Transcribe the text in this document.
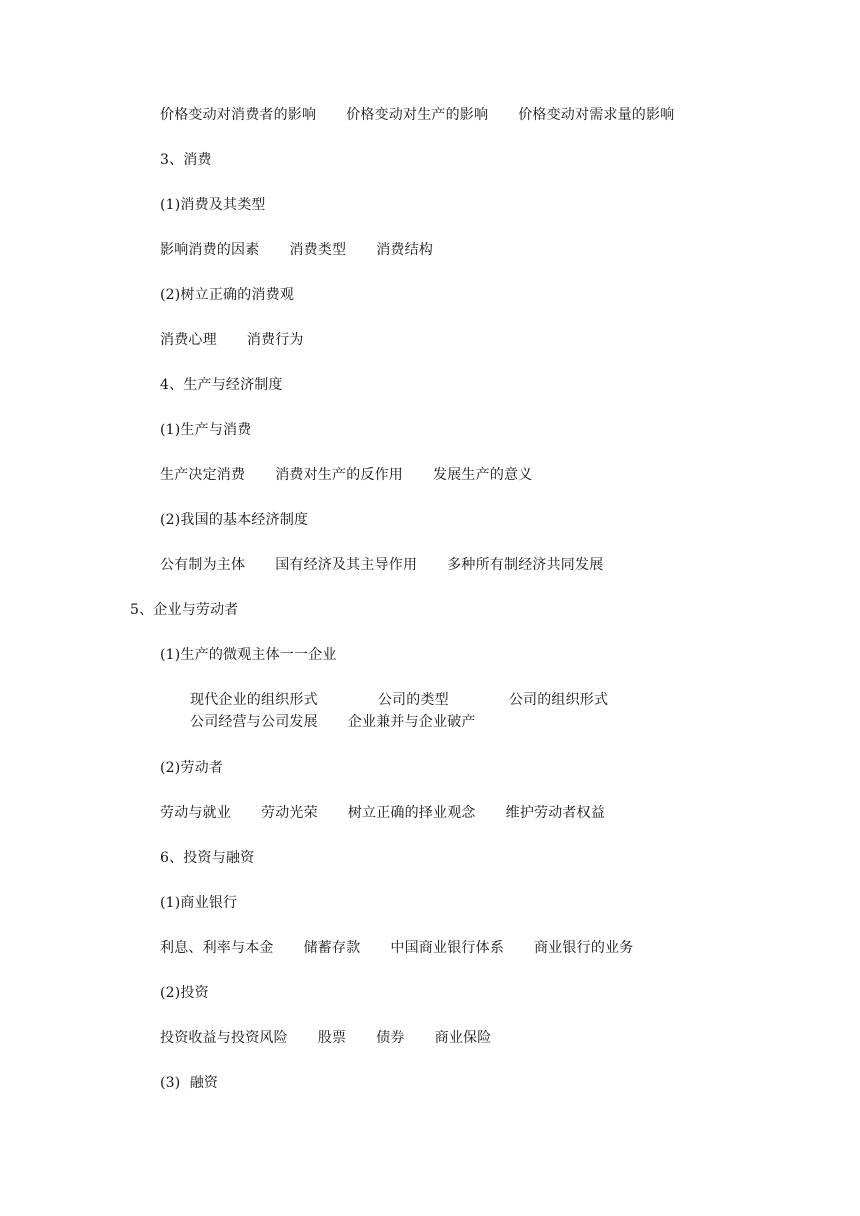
价格变动对消费者的影响 价格变动对生产的影响 价格变动对需求量的影响
3、消费
(1)消费及其类型
影响消费的因素 消费类型 消费结构
(2)树立正确的消费观
消费心理 消费行为
4、生产与经济制度
(1)生产与消费
生产决定消费 消费对生产的反作用 发展生产的意义
(2)我国的基本经济制度
公有制为主体 国有经济及其主导作用 多种所有制经济共同发展
5、企业与劳动者
(1)生产的微观主体一一企业
现代企业的组织形式	公司的类型	公司的组织形式公司经营与公司发展 企业兼并与企业破产
(2)劳动者
劳动与就业 劳动光荣 树立正确的择业观念 维护劳动者权益
6、投资与融资
(1)商业银行
利息、利率与本金 储蓄存款 中国商业银行体系 商业银行的业务
(2)投资
投资收益与投资风险 股票 债券 商业保险
(3)  融资
